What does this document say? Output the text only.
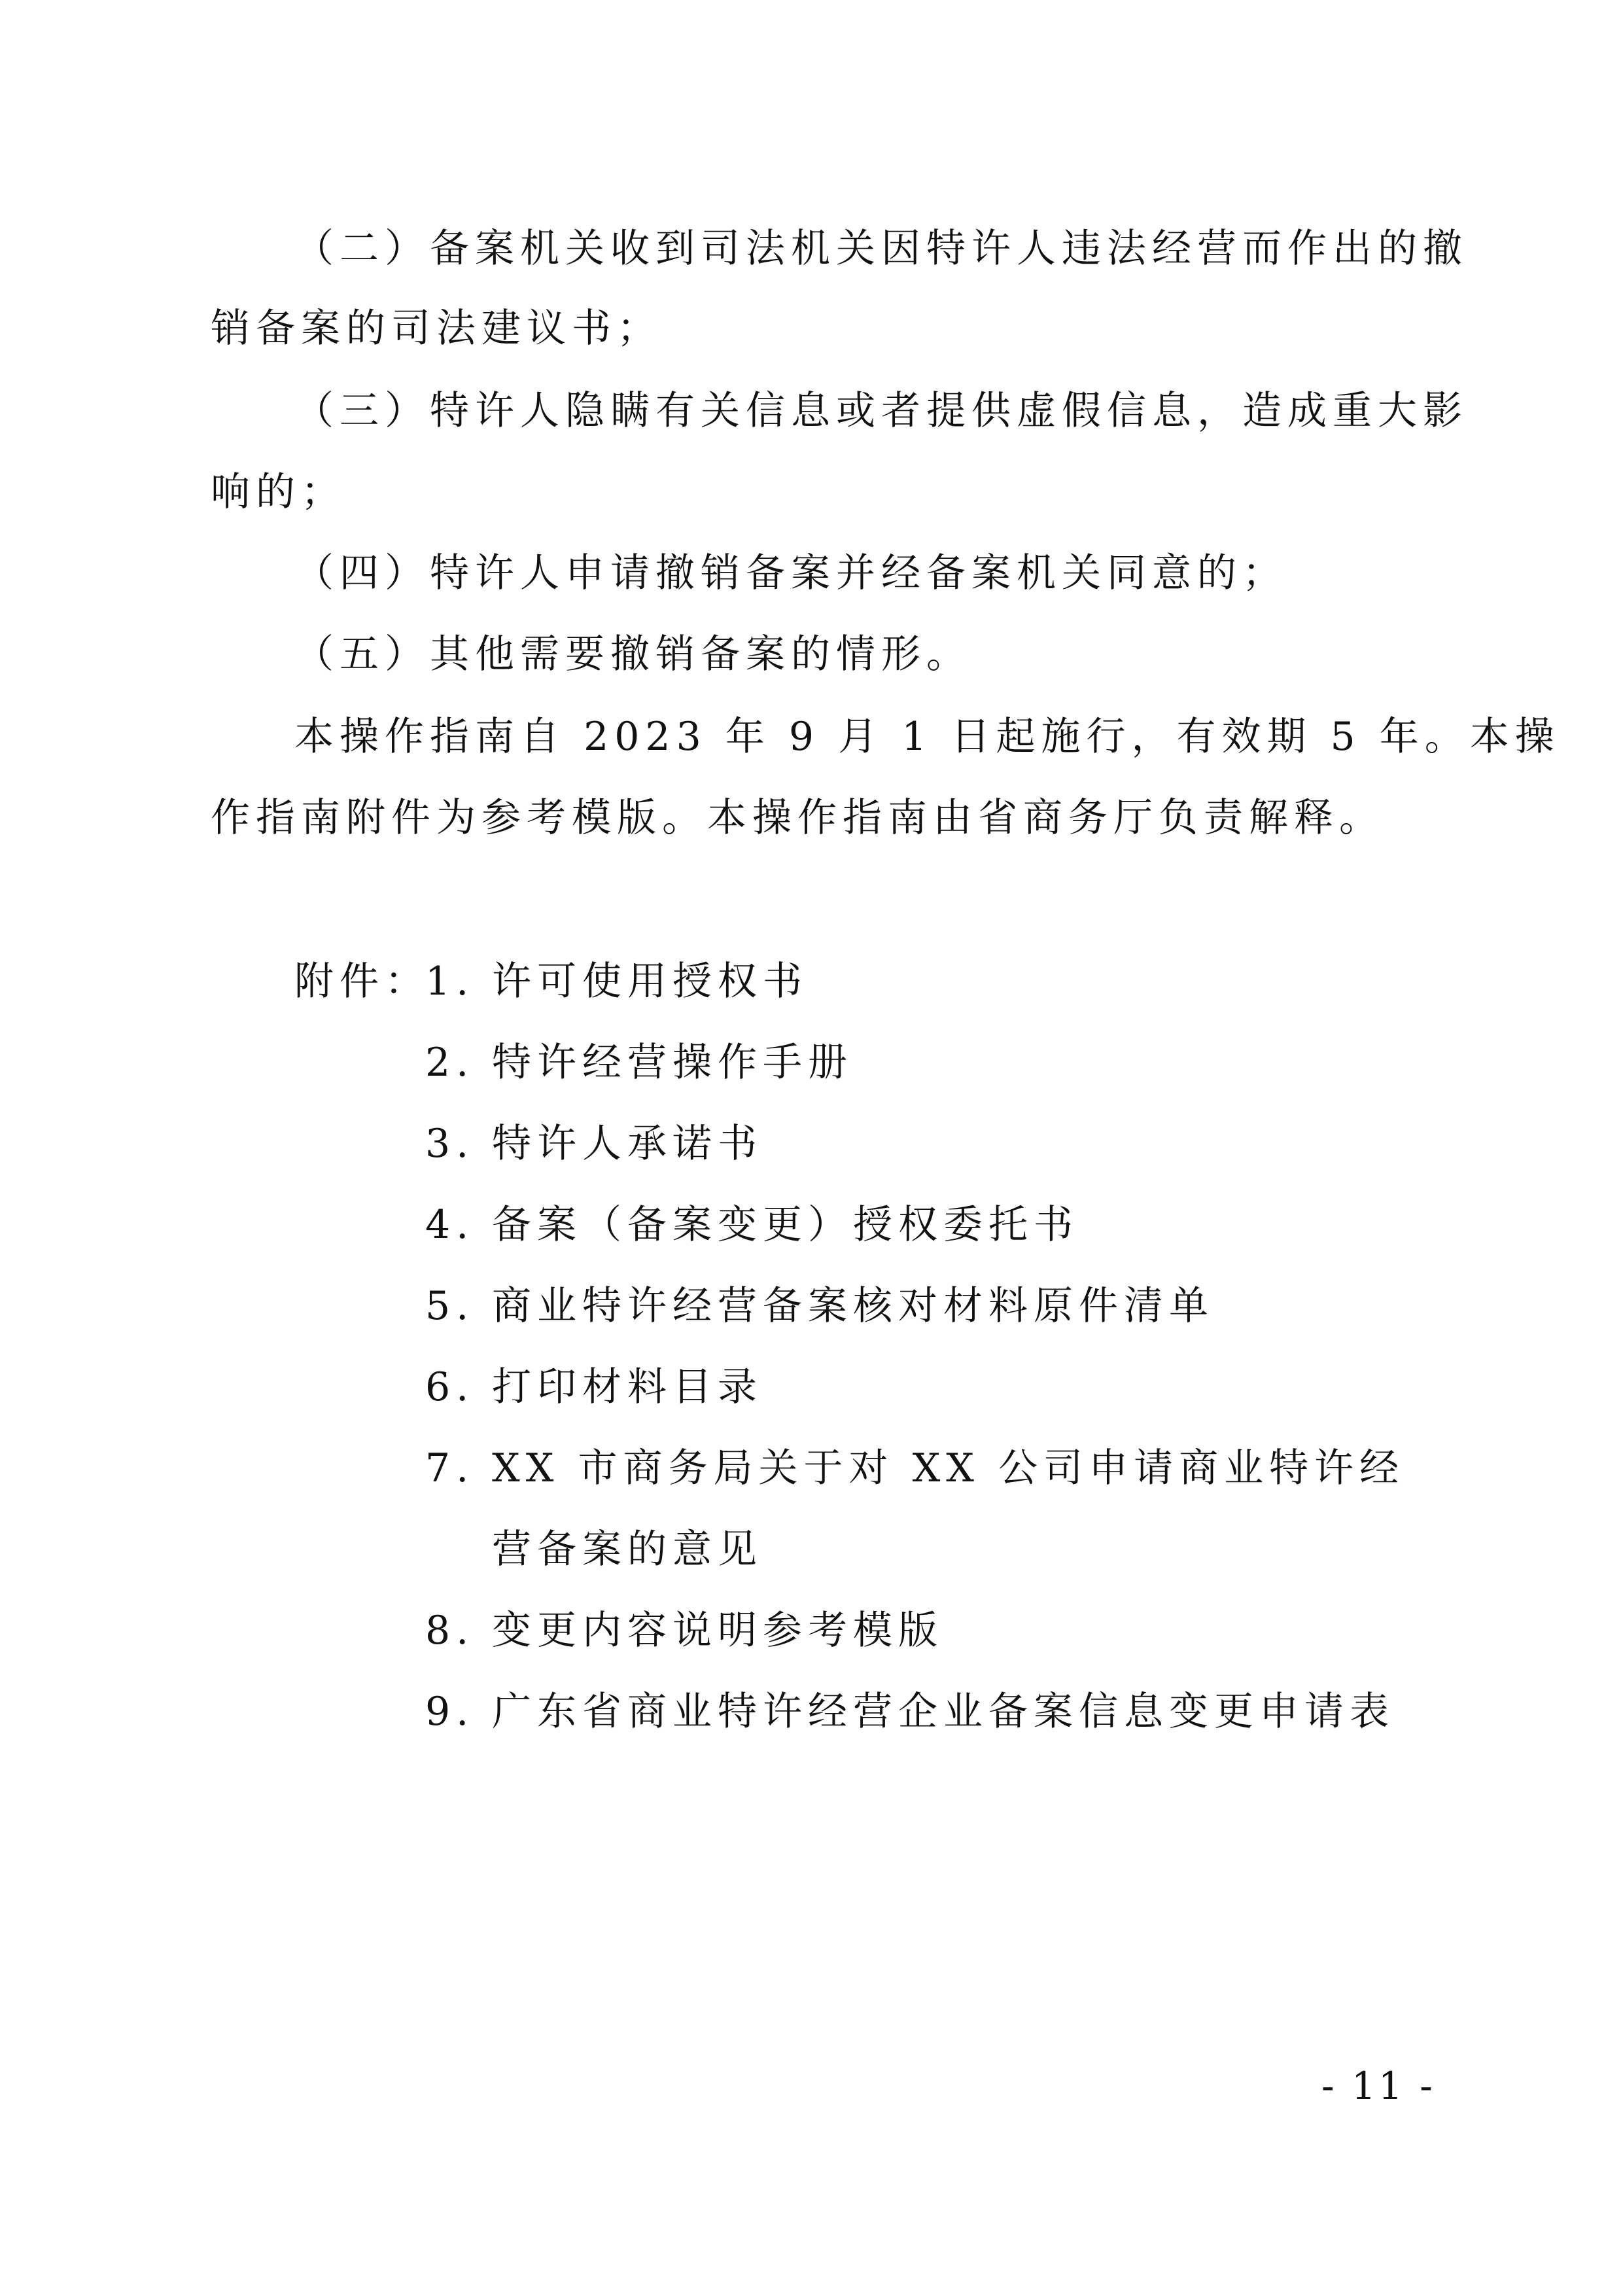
（二）备案机关收到司法机关因特许人违法经营而作出的撤
销备案的司法建议书；
（三）特许人隐瞒有关信息或者提供虚假信息，造成重大影
响的；
（四）特许人申请撤销备案并经备案机关同意的；
（五）其他需要撤销备案的情形。
本操作指南自 2023 年 9 月 1 日起施行，有效期 5 年。本操
作指南附件为参考模版。本操作指南由省商务厅负责解释。
附件：
1. 许可使用授权书
2. 特许经营操作手册
3. 特许人承诺书
4. 备案（备案变更）授权委托书
5. 商业特许经营备案核对材料原件清单
6. 打印材料目录
7. XX 市商务局关于对 XX 公司申请商业特许经
营备案的意见
8. 变更内容说明参考模版
9. 广东省商业特许经营企业备案信息变更申请表
- 11 -
